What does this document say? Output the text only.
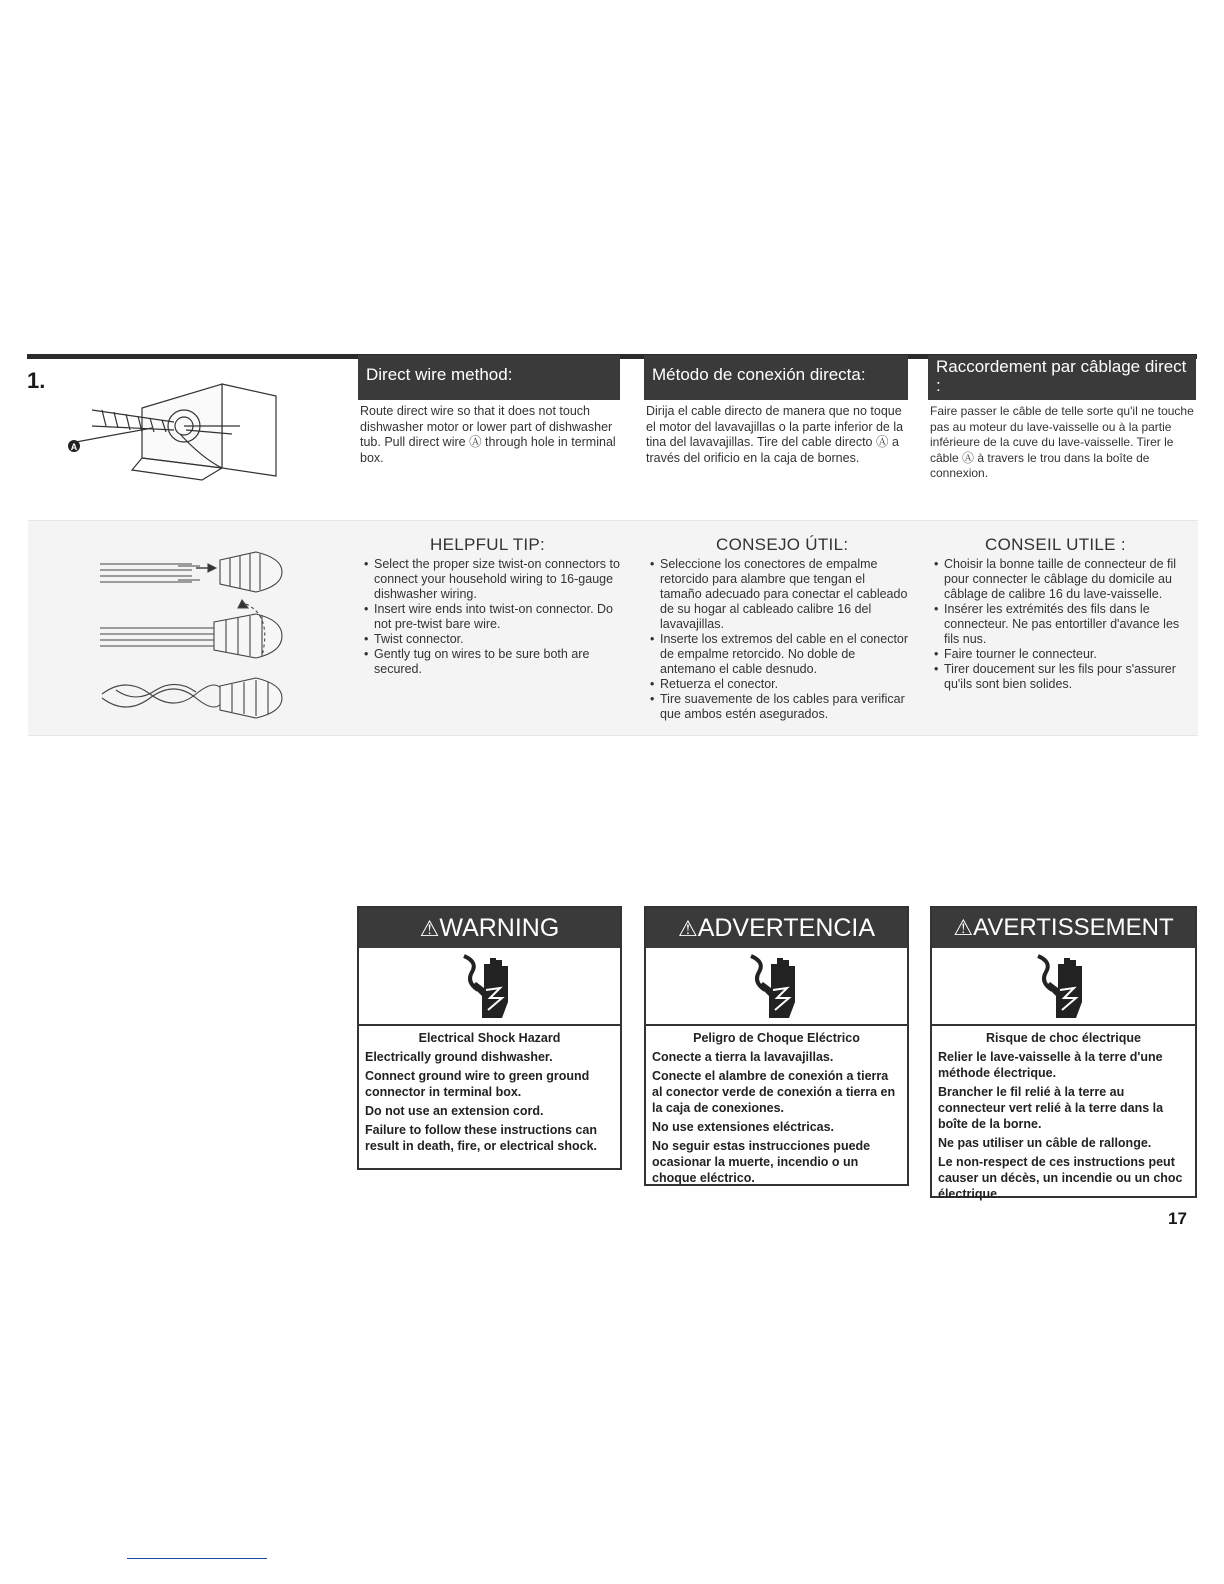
1.
A
Direct wire method:	Método de conexión directa:	Raccordement par câblage direct :
Route direct wire so that it does not touch dishwasher motor or lower part of dishwasher tub. Pull direct wire Ⓐ through hole in terminal box.
Dirija el cable directo de manera que no toque el motor del lavavajillas o la parte inferior de la tina del lavavajillas. Tire del cable directo Ⓐ a través del orificio en la caja de bornes.
Faire passer le câble de telle sorte qu'il ne touche pas au moteur du lave-vaisselle ou à la partie inférieure de la cuve du lave-vaisselle. Tirer le câble Ⓐ à travers le trou dans la boîte de connexion.
HELPFUL TIP:	CONSEJO ÚTIL:	CONSEIL UTILE :
• Select the proper size twist-on connectors to connect your household wiring to 16-gauge dishwasher wiring.
• Insert wire ends into twist-on connector. Do not pre-twist bare wire.
• Twist connector.
• Gently tug on wires to be sure both are secured.
• Seleccione los conectores de empalme retorcido para alambre que tengan el tamaño adecuado para conectar el cableado de su hogar al cableado calibre 16 del lavavajillas.
• Inserte los extremos del cable en el conector de empalme retorcido. No doble de antemano el cable desnudo.
• Retuerza el conector.
• Tire suavemente de los cables para verificar que ambos estén asegurados.
• Choisir la bonne taille de connecteur de fil pour connecter le câblage du domicile au câblage de calibre 16 du lave-vaisselle.
• Insérer les extrémités des fils dans le connecteur. Ne pas entortiller d'avance les fils nus.
• Faire tourner le connecteur.
• Tirer doucement sur les fils pour s'assurer qu'ils sont bien solides.
⚠WARNING
Electrical Shock Hazard

Electrically ground dishwasher.

Connect ground wire to green ground connector in terminal box.

Do not use an extension cord.

Failure to follow these instructions can result in death, fire, or electrical shock.

⚠ADVERTENCIA
Peligro de Choque Eléctrico

Conecte a tierra la lavavajillas.

Conecte el alambre de conexión a tierra al conector verde de conexión a tierra en la caja de conexiones.

No use extensiones eléctricas.

No seguir estas instrucciones puede ocasionar la muerte, incendio o un choque eléctrico.

⚠AVERTISSEMENT
Risque de choc électrique

Relier le lave-vaisselle à la terre d'une méthode électrique.

Brancher le fil relié à la terre au connecteur vert relié à la terre dans la boîte de la borne.

Ne pas utiliser un câble de rallonge.

Le non-respect de ces instructions peut causer un décès, un incendie ou un choc électrique.

17
